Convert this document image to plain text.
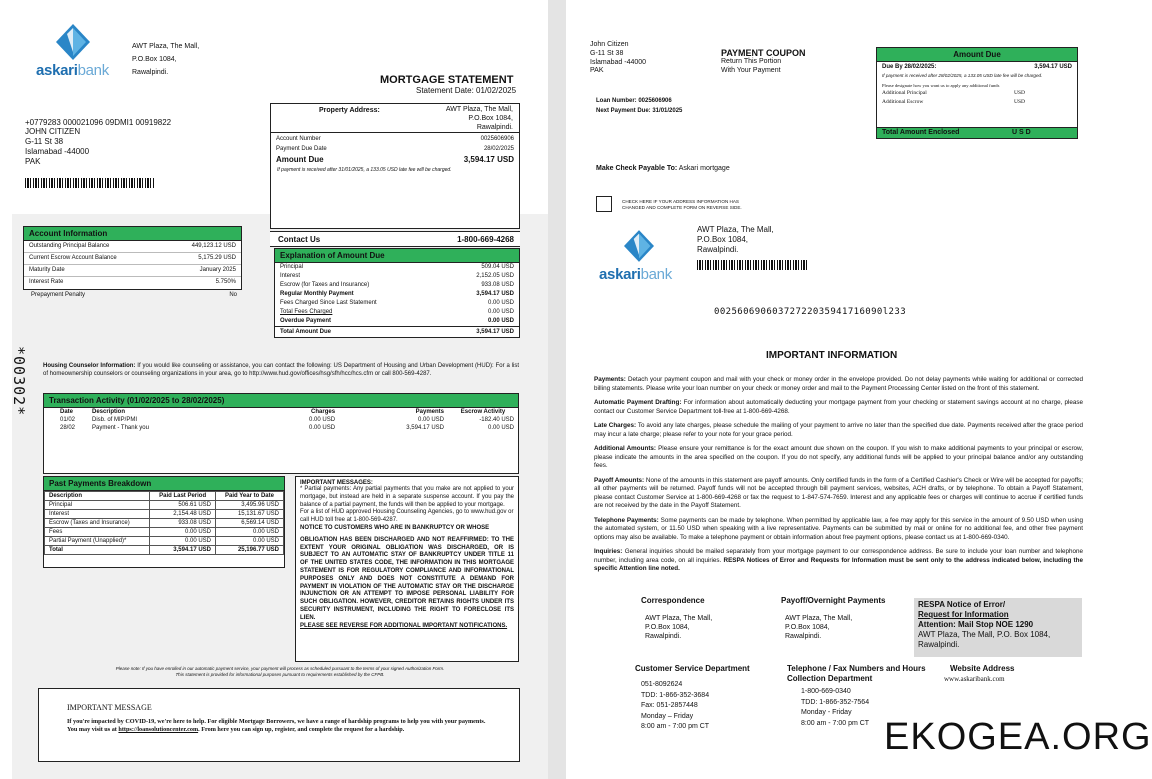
askaribank
AWT Plaza, The Mall,
P.O.Box 1084,
Rawalpindi.
MORTGAGE STATEMENT
Statement Date: 01/02/2025
+0779283 000021096 09DMI1 00919822
JOHN CITIZEN
G-11 St 38
Islamabad -44000
PAK
Property Address:	AWT Plaza, The Mall,
P.O.Box 1084,
Rawalpindi.
Account Number	0025606906
Payment Due Date	28/02/2025
Amount Due	3,594.17 USD
If payment is received after 31/01/2025, a 133.05 USD late fee will be charged.
Contact Us	1-800-669-4268
Explanation of Amount Due
Principal	509.04 USD
Interest	2,152.05 USD
Escrow (for Taxes and Insurance)	933.08 USD
Regular Monthly Payment	3,594.17 USD
Fees Charged Since Last Statement	0.00 USD
Total Fees Charged	0.00 USD
Overdue Payment	0.00 USD
Total Amount Due	3,594.17 USD
Account Information
Outstanding Principal Balance	449,123.12 USD
Current Escrow Account Balance	5,175.29 USD
Maturity Date	January 2025
Interest Rate	5.750%
Prepayment Penalty	No
*00302*	Housing Counselor Information: If you would like counseling or assistance, you can contact the following: US Department of Housing and Urban Development (HUD): For a list of homeownership counselors or counseling organizations in your area, go to http://www.hud.gov/offices/hsg/sfh/hcc/hcs.cfm or call 800-569-4287.
Transaction Activity (01/02/2025 to 28/02/2025)
Date	Description	Charges	Payments	Escrow Activity
01/02	Disb. of MIP/PMI	0.00 USD	0.00 USD	-182.40 USD
28/02	Payment - Thank you	0.00 USD	3,594.17 USD	0.00 USD
Past Payments Breakdown
Description	Paid Last Period	Paid Year to Date
Principal	506.61 USD	3,495.96 USD
Interest	2,154.48 USD	15,131.67 USD
Escrow (Taxes and Insurance)	933.08 USD	6,569.14 USD
Fees	0.00 USD	0.00 USD
Partial Payment (Unapplied)*	0.00 USD	0.00 USD
Total	3,594.17 USD	25,196.77 USD
IMPORTANT MESSAGES:
* Partial payments: Any partial payments that you make are not applied to your mortgage, but instead are held in a separate suspense account. If you pay the balance of a partial payment, the funds will then be applied to your mortgage.
For a list of HUD approved Housing Counseling Agencies, go to www.hud.gov or call HUD toll free at 1-800-569-4287.
NOTICE TO CUSTOMERS WHO ARE IN BANKRUPTCY OR WHOSE
OBLIGATION HAS BEEN DISCHARGED AND NOT REAFFIRMED: TO THE EXTENT YOUR ORIGINAL OBLIGATION WAS DISCHARGED, OR IS SUBJECT TO AN AUTOMATIC STAY OF BANKRUPTCY UNDER TITLE 11 OF THE UNITED STATES CODE, THE INFORMATION IN THIS MORTGAGE STATEMENT IS FOR REGULATORY COMPLIANCE AND INFORMATIONAL PURPOSES ONLY AND DOES NOT CONSTITUTE A DEMAND FOR PAYMENT IN VIOLATION OF THE AUTOMATIC STAY OR THE DISCHARGE INJUNCTION OR AN ATTEMPT TO IMPOSE PERSONAL LIABILITY FOR SUCH OBLIGATION. HOWEVER, CREDITOR RETAINS RIGHTS UNDER ITS SECURITY INSTRUMENT, INCLUDING THE RIGHT TO FORECLOSE ITS LIEN.
PLEASE SEE REVERSE FOR ADDITIONAL IMPORTANT NOTIFICATIONS.
Please note: If you have enrolled in our automatic payment service, your payment will process as scheduled pursuant to the terms of your signed Authorization Form.
This statement is provided for informational purposes pursuant to requirements established by the CFPB.
IMPORTANT MESSAGE
If you're impacted by COVID-19, we're here to help. For eligible Mortgage Borrowers, we have a range of hardship programs to help you with your payments. You may visit us at https://loansolutioncenter.com. From here you can sign up, register, and complete the request for a hardship.
John Citizen
G-11 St 38
Islamabad -44000
PAK
PAYMENT COUPON
Return This Portion
With Your Payment
Loan Number: 0025606906
Next Payment Due: 31/01/2025
Amount Due
Due By 28/02/2025:	3,594.17 USD
If payment is received after 28/02/2025, a 133.05 USD late fee will be charged.
Please designate how you want us to apply any additional funds
Additional Principal	USD
Additional Escrow	USD
Total Amount Enclosed	U S D
Make Check Payable To: Askari mortgage
CHECK HERE IF YOUR ADDRESS INFORMATION HAS
CHANGED AND COMPLETE FORM ON REVERSE SIDE.
askaribank
AWT Plaza, The Mall,
P.O.Box 1084,
Rawalpindi.
00256069060372722035941716090l233
IMPORTANT INFORMATION

Payments: Detach your payment coupon and mail with your check or money order in the envelope provided. Do not delay payments while waiting for additional or corrected billing statements. Please write your loan number on your check or money order and mail to the Payment Processing Center listed on the front of this statement.

Automatic Payment Drafting: For information about automatically deducting your mortgage payment from your checking or statement savings account at no charge, please contact our Customer Service Department toll-free at 1-800-669-4268.

Late Charges: To avoid any late charges, please schedule the mailing of your payment to arrive no later than the specified due date. Payments received after the grace period may incur a late charge; please refer to your note for your grace period.

Additional Amounts: Please ensure your remittance is for the exact amount due shown on the coupon. If you wish to make additional payments to your principal or escrow, please indicate the amounts in the area specified on the coupon. If you do not specify, any additional funds will be applied to your principal balance and/or any outstanding fees.

Payoff Amounts: None of the amounts in this statement are payoff amounts. Only certified funds in the form of a Certified Cashier's Check or Wire will be accepted for payoffs; all other payments will be returned. Payoff funds will not be accepted through bill payment services, websites, ACH drafts, or by telephone. To obtain a Payoff Statement, please contact Customer Service at 1-800-669-4268 or fax the request to 1-847-574-7659. Interest and any applicable fees or charges will continue to accrue if certified funds are not received by the date in the Payoff Statement.

Telephone Payments: Some payments can be made by telephone. When permitted by applicable law, a fee may apply for this service in the amount of 9.50 USD when using the automated system, or 11.50 USD when speaking with a live representative. Payments can be submitted by mail or online for no additional fee, and other free payment options may also be available. To make a telephone payment or obtain information about free payment options, please contact us at 1-800-669-0340.

Inquiries: General inquiries should be mailed separately from your mortgage payment to our correspondence address. Be sure to include your loan number and telephone number, including area code, on all inquiries. RESPA Notices of Error and Requests for Information must be sent only to the address indicated below, including the specific Attention line noted.

Correspondence
AWT Plaza, The Mall,
P.O.Box 1084,
Rawalpindi.
Payoff/Overnight Payments
AWT Plaza, The Mall,
P.O.Box 1084,
Rawalpindi.
RESPA Notice of Error/
Request for Information
Attention: Mail Stop NOE 1290
AWT Plaza, The Mall, P.O. Box 1084,
Rawalpindi.
Customer Service Department
051-8092624
TDD: 1-866-352-3684
Fax: 051-2857448
Monday – Friday
8:00 am - 7:00 pm CT
Telephone / Fax Numbers and Hours
Collection Department
1-800-669-0340
TDD: 1-866-352-7564
Monday - Friday
8:00 am - 7:00 pm CT
Website Address
www.askaribank.com
EKOGEA.ORG
